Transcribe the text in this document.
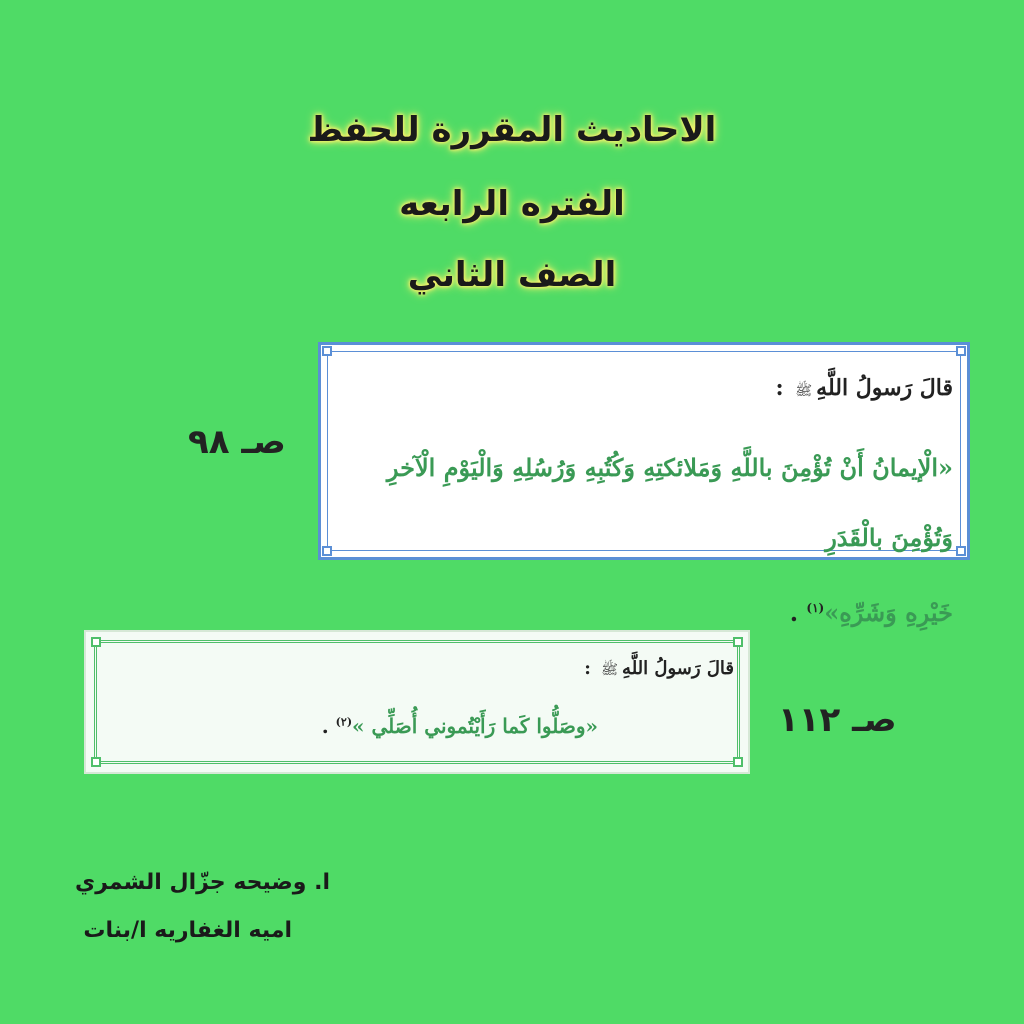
الاحاديث المقررة للحفظ
الفتره الرابعه
الصف الثاني
قالَ رَسولُ اللَّهِﷺ :
«الْإيمانُ أَنْ تُؤْمِنَ باللَّهِ وَمَلائكتِهِ وَكُتُبِهِ وَرُسُلِهِ وَالْيَوْمِ الْآخرِ وَتُؤْمِنَ بالْقَدَرِ
خَيْرِهِ وَشَرِّهِ»$^{(١)}$ .
صـ ٩٨
قالَ رَسولُ اللَّهِﷺ :
«وصَلُّوا كَما رَأَيْتُموني أُصَلِّي »$^{(٢)}$ .	صـ ١١٢
ا. وضيحه جزّال الشمري
اميه الغفاريه ا/بنات
